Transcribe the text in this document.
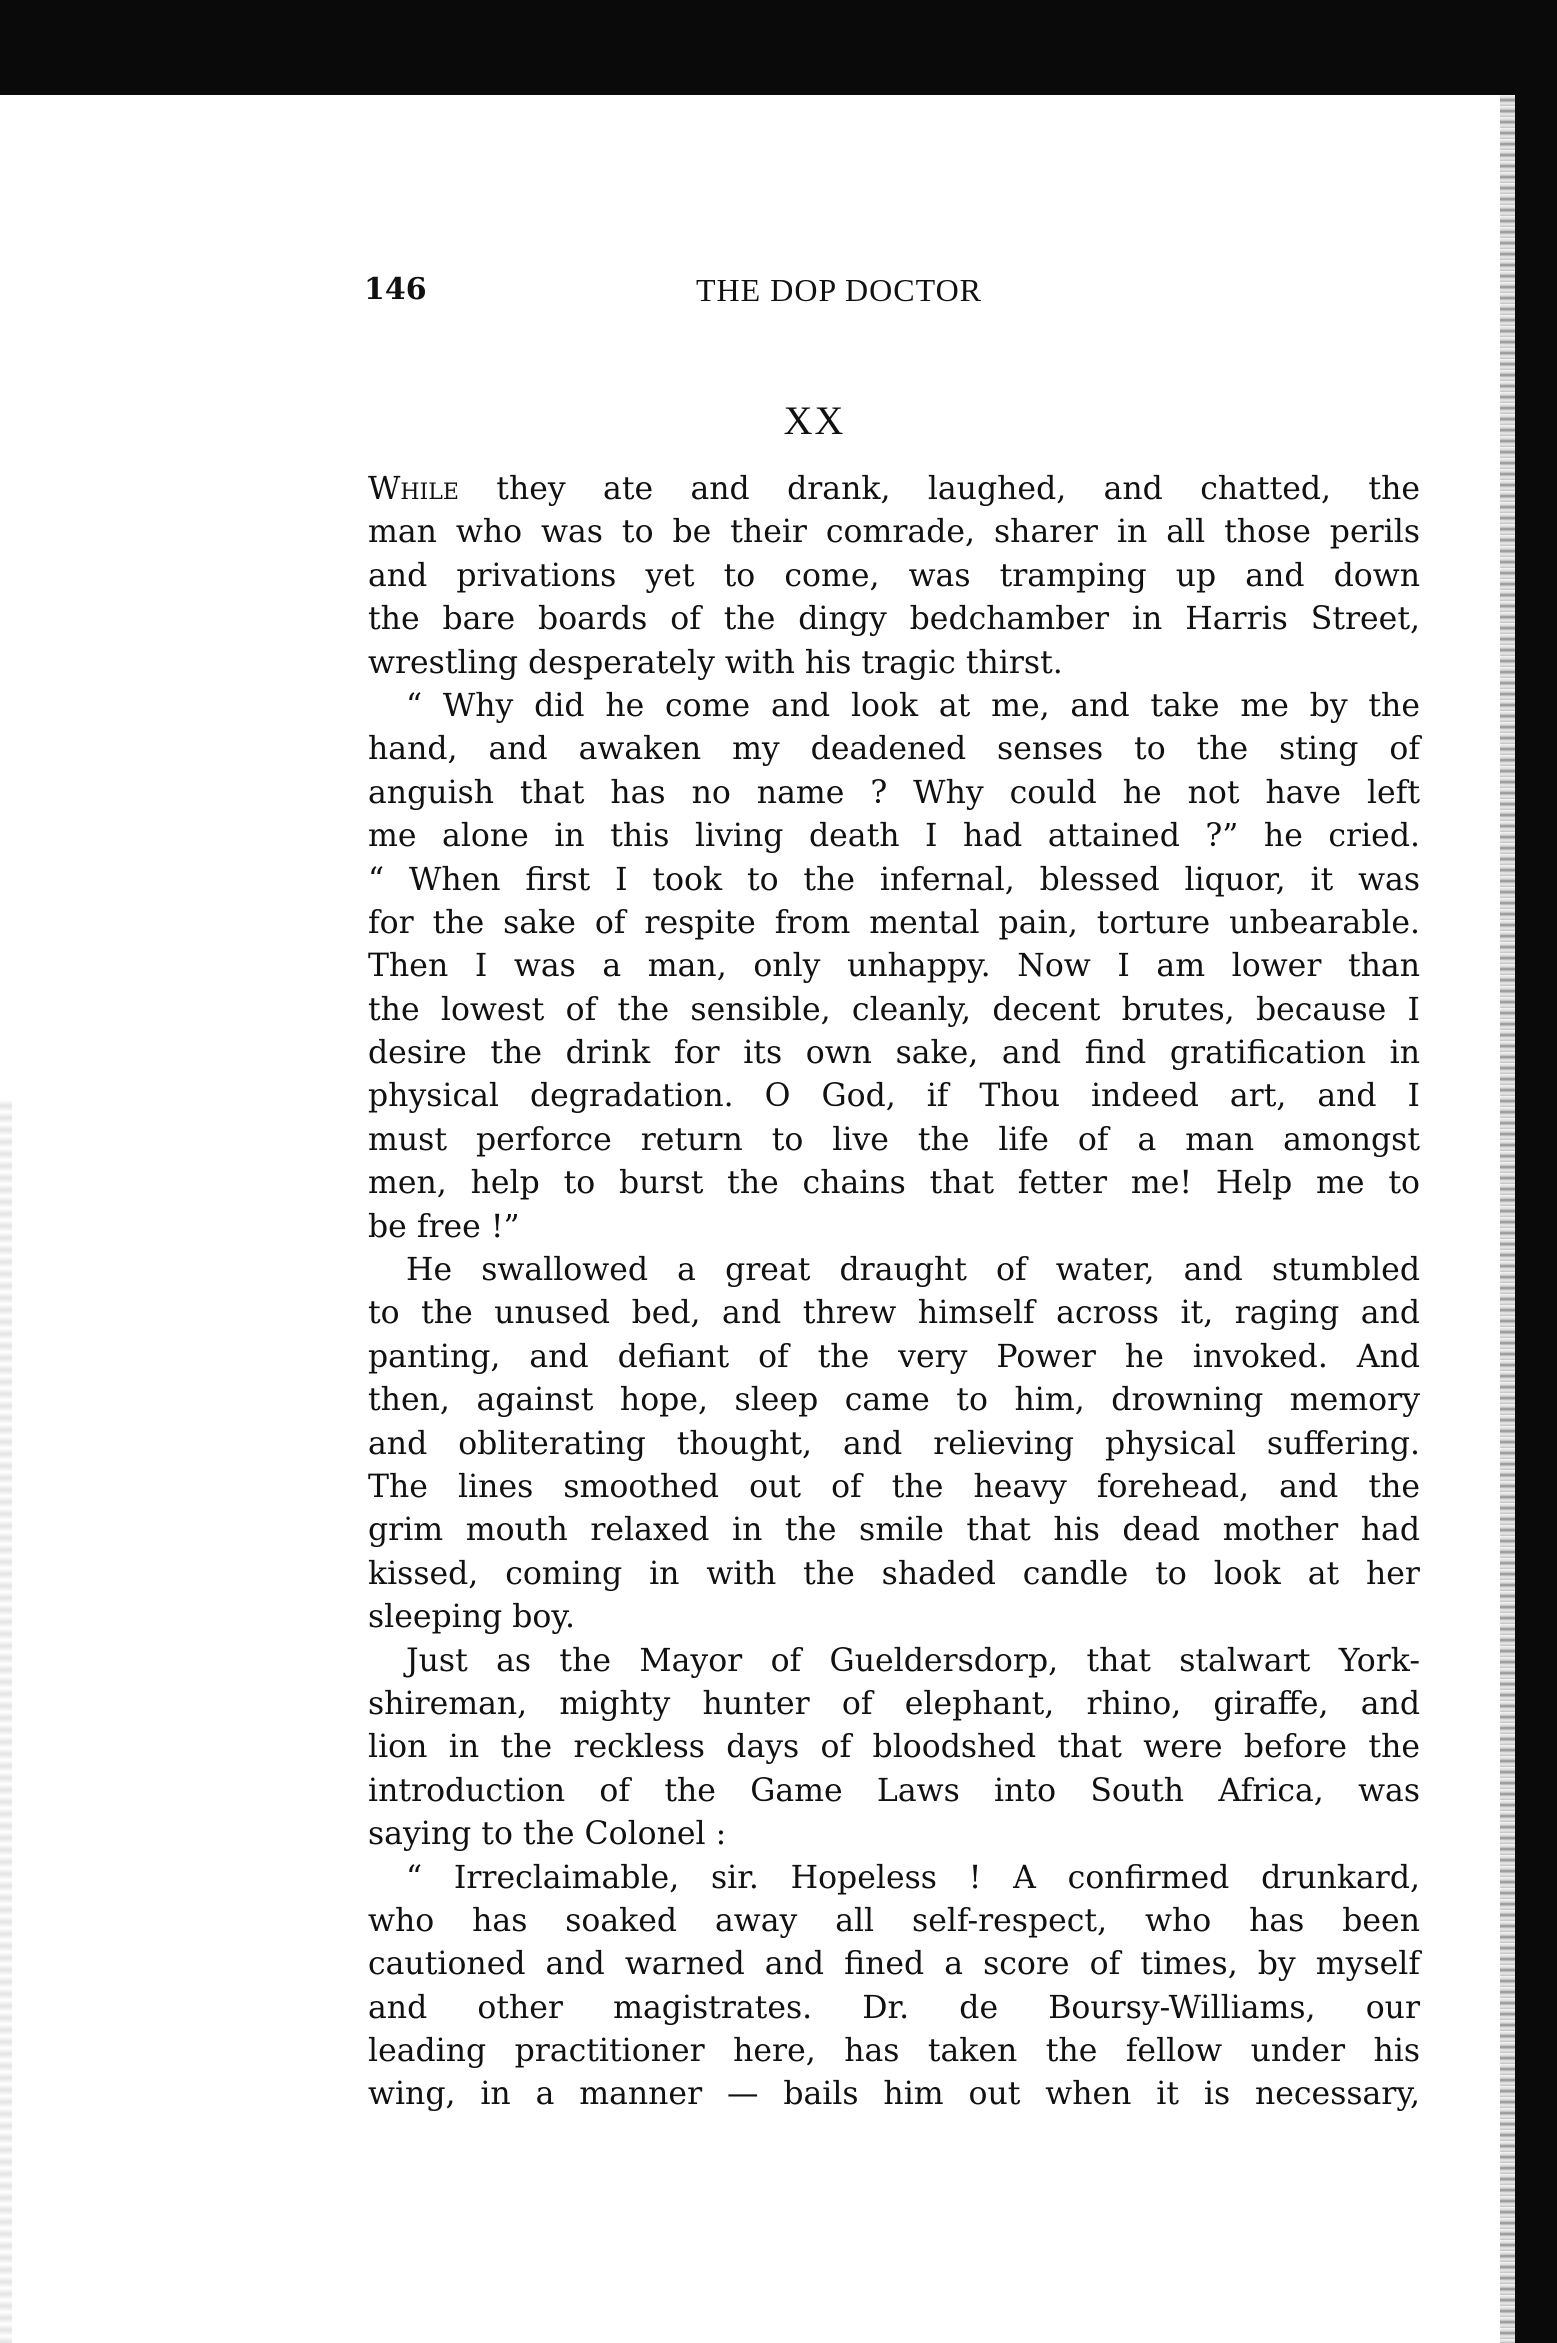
146	THE DOP DOCTOR
XX
While they ate and drank, laughed, and chatted, the
man who was to be their comrade, sharer in all those perils
and privations yet to come, was tramping up and down
the bare boards of the dingy bedchamber in Harris Street,
wrestling desperately with his tragic thirst.
“ Why did he come and look at me, and take me by the
hand, and awaken my deadened senses to the sting of
anguish that has no name ? Why could he not have left
me alone in this living death I had attained ?” he cried.
“ When first I took to the infernal, blessed liquor, it was
for the sake of respite from mental pain, torture unbearable.
Then I was a man, only unhappy. Now I am lower than
the lowest of the sensible, cleanly, decent brutes, because I
desire the drink for its own sake, and find gratification in
physical degradation. O God, if Thou indeed art, and I
must perforce return to live the life of a man amongst
men, help to burst the chains that fetter me! Help me to
be free !”
He swallowed a great draught of water, and stumbled
to the unused bed, and threw himself across it, raging and
panting, and defiant of the very Power he invoked. And
then, against hope, sleep came to him, drowning memory
and obliterating thought, and relieving physical suffering.
The lines smoothed out of the heavy forehead, and the
grim mouth relaxed in the smile that his dead mother had
kissed, coming in with the shaded candle to look at her
sleeping boy.
Just as the Mayor of Gueldersdorp, that stalwart York-
shireman, mighty hunter of elephant, rhino, giraffe, and
lion in the reckless days of bloodshed that were before the
introduction of the Game Laws into South Africa, was
saying to the Colonel :
“ Irreclaimable, sir. Hopeless ! A confirmed drunkard,
who has soaked away all self-respect, who has been
cautioned and warned and fined a score of times, by myself
and other magistrates. Dr. de Boursy-Williams, our
leading practitioner here, has taken the fellow under his
wing, in a manner — bails him out when it is necessary,
